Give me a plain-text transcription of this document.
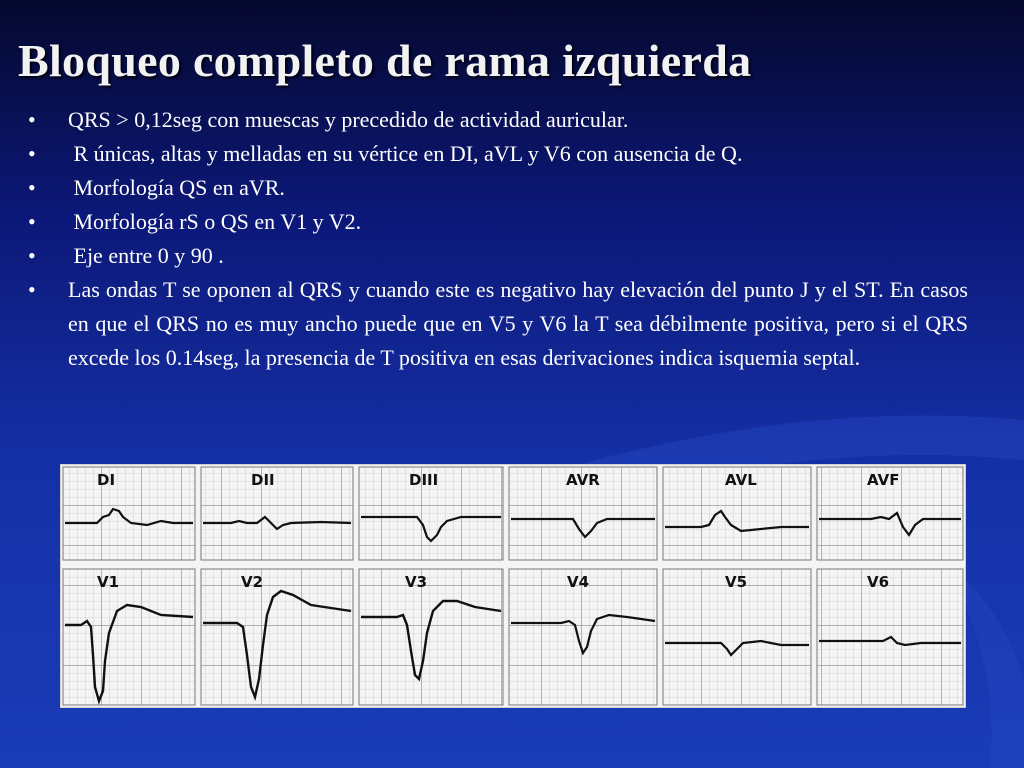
Bloqueo completo de rama izquierda
• QRS > 0,12seg con muescas y precedido de actividad auricular.
• R únicas, altas y melladas en su vértice en DI, aVL y V6 con ausencia de Q.
• Morfología QS en aVR.
• Morfología rS o QS en V1 y V2.
• Eje entre 0 y 90 .
• Las ondas T se oponen al QRS y cuando este es negativo hay elevación del punto J y el ST. En casos en que el QRS no es muy ancho puede que en V5 y V6 la T sea débilmente positiva, pero si el QRS excede los 0.14seg, la presencia de T positiva en esas derivaciones indica isquemia septal.
DI	DII	DIII	AVR	AVL	AVF
V1	V2	V3	V4	V5	V6
